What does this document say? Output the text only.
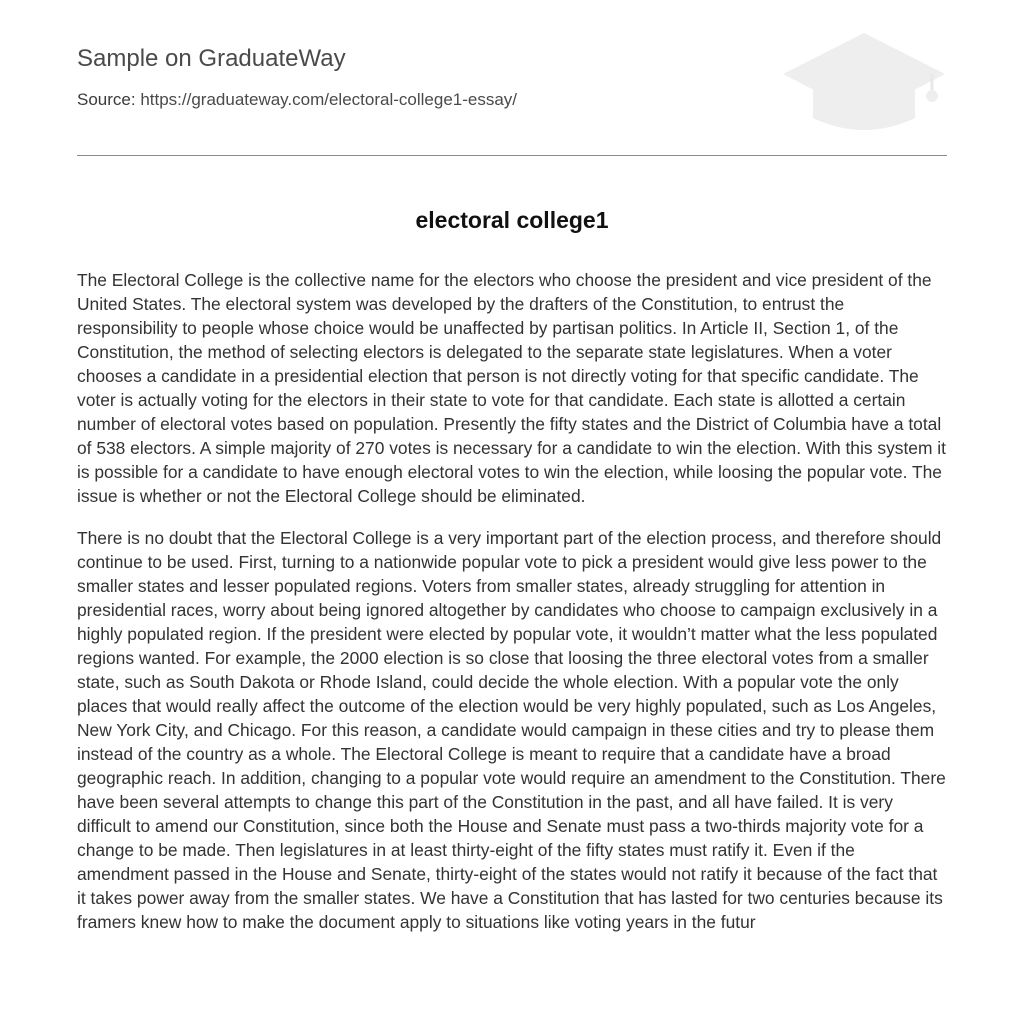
Sample on GraduateWay
Source: https://graduateway.com/electoral-college1-essay/
electoral college1

The Electoral College is the collective name for the electors who choose the president and vice president of the United States. The electoral system was developed by the drafters of the Constitution, to entrust the responsibility to people whose choice would be unaffected by partisan politics. In Article II, Section 1, of the Constitution, the method of selecting electors is delegated to the separate state legislatures. When a voter chooses a candidate in a presidential election that person is not directly voting for that specific candidate. The voter is actually voting for the electors in their state to vote for that candidate. Each state is allotted a certain number of electoral votes based on population. Presently the fifty states and the District of Columbia have a total of 538 electors. A simple majority of 270 votes is necessary for a candidate to win the election. With this system it is possible for a candidate to have enough electoral votes to win the election, while loosing the popular vote. The issue is whether or not the Electoral College should be eliminated.

There is no doubt that the Electoral College is a very important part of the election process, and therefore should continue to be used. First, turning to a nationwide popular vote to pick a president would give less power to the smaller states and lesser populated regions. Voters from smaller states, already struggling for attention in presidential races, worry about being ignored altogether by candidates who choose to campaign exclusively in a highly populated region. If the president were elected by popular vote, it wouldn’t matter what the less populated regions wanted. For example, the 2000 election is so close that loosing the three electoral votes from a smaller state, such as South Dakota or Rhode Island, could decide the whole election. With a popular vote the only places that would really affect the outcome of the election would be very highly populated, such as Los Angeles, New York City, and Chicago. For this reason, a candidate would campaign in these cities and try to please them instead of the country as a whole. The Electoral College is meant to require that a candidate have a broad geographic reach. In addition, changing to a popular vote would require an amendment to the Constitution. There have been several attempts to change this part of the Constitution in the past, and all have failed. It is very difficult to amend our Constitution, since both the House and Senate must pass a two-thirds majority vote for a change to be made. Then legislatures in at least thirty-eight of the fifty states must ratify it. Even if the amendment passed in the House and Senate, thirty-eight of the states would not ratify it because of the fact that it takes power away from the smaller states. We have a Constitution that has lasted for two centuries because its framers knew how to make the document apply to situations like voting years in the futur
